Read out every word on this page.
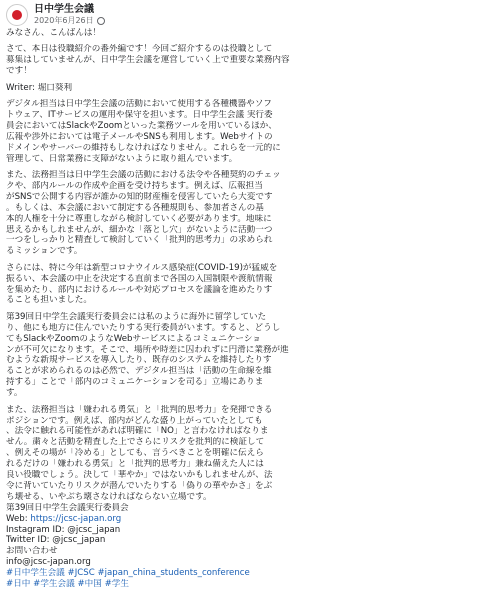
日中学生会議
2020年6月26日
みなさん、こんばんは！
さて、本日は役職紹介の番外編です！今回ご紹介するのは役職として
募集はしていませんが、日中学生会議を運営していく上で重要な業務内容
です！
Writer: 堀口葵利
デジタル担当は日中学生会議の活動において使用する各種機器やソフ
トウェア、ITサービスの運用や保守を担います。日中学生会議 実行委
員会においてはSlackやZoomといった業務ツールを用いているほか、
広報や渉外においては電子メールやSNSも利用します。Webサイトの
ドメインやサーバーの維持もしなければなりません。これらを一元的に
管理して、日常業務に支障がないように取り組んでいます。
また、法務担当は日中学生会議の活動における法令や各種契約のチェッ
クや、部内ルールの作成や企画を受け持ちます。例えば、広報担当
がSNSで公開する内容が誰かの知的財産権を侵害していたら大変です
。もしくは、本会議において制定する各種規則も、参加者さんの基
本的人権を十分に尊重しながら検討していく必要があります。地味に
思えるかもしれませんが、細かな「落とし穴」がないように活動一つ
一つをしっかりと精査して検討していく「批判的思考力」の求められ
るミッションです。
さらには、特に今年は新型コロナウイルス感染症(COVID-19)が猛威を
振るい、本会議の中止を決定する直前まで各国の入国制限や渡航情報
を集めたり、部内におけるルールや対応プロセスを議論を進めたりす
ることも担いました。
第39回日中学生会議実行委員会には私のように海外に留学していた
り、他にも地方に住んでいたりする実行委員がいます。すると、どうし
てもSlackやZoomのようなWebサービスによるコミュニケーショ
ンが不可欠になります。そこで、場所や時差に囚われずに円滑に業務が進
むような新規サービスを導入したり、既存のシステムを維持したりす
ることが求められるのは必然で、デジタル担当は「活動の生命線を維
持する」ことで「部内のコミュニケーションを司る」立場にありま
す。
また、法務担当は「嫌われる勇気」と「批判的思考力」を発揮できる
ポジションです。例えば、部内がどんな盛り上がっていたとしても
、法令に触れる可能性があれば明確に「NO」と言わなければなりま
せん。粛々と活動を精査した上でさらにリスクを批判的に検証して
、例えその場が「冷める」としても、言うべきことを明確に伝えら
れるだけの「嫌われる勇気」と「批判的思考力」兼ね備えた人には
良い役職でしょう。決して「華やか」ではないかもしれませんが、法
令に背いていたりリスクが潜んでいたりする「偽りの華やかさ」をぶ
ち壊せる、いやぶち壊さなければならない立場です。
第39回日中学生会議実行委員会
Web: https://jcsc-japan.org
Instagram ID: @jcsc_japan
Twitter ID: @jcsc_japan
お問い合わせ
info@jcsc-japan.org
#日中学生会議 #JCSC #japan_china_students_conference
#日中 #学生会議 #中国 #学生
